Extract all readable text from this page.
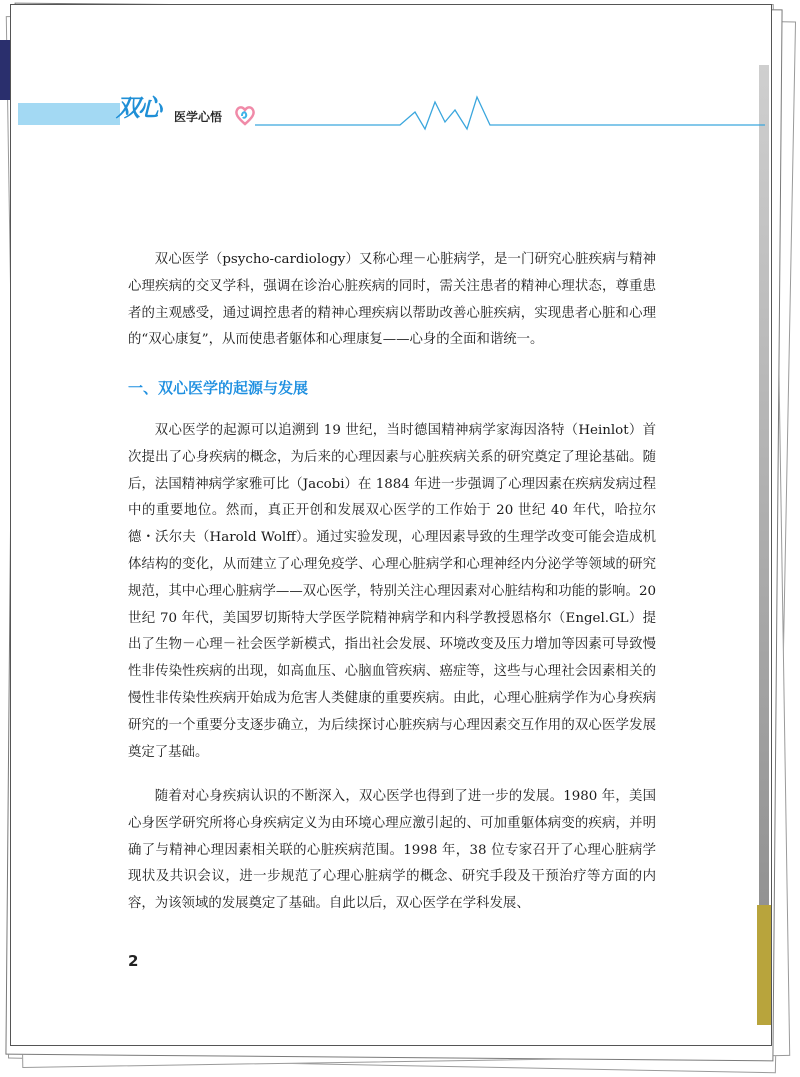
双心 医学心悟

双心医学（psycho-cardiology）又称心理－心脏病学，是一门研究心脏疾病与精神心理疾病的交叉学科，强调在诊治心脏疾病的同时，需关注患者的精神心理状态，尊重患者的主观感受，通过调控患者的精神心理疾病以帮助改善心脏疾病，实现患者心脏和心理的“双心康复”，从而使患者躯体和心理康复——心身的全面和谐统一。

一、双心医学的起源与发展

双心医学的起源可以追溯到 19 世纪，当时德国精神病学家海因洛特（Heinlot）首次提出了心身疾病的概念，为后来的心理因素与心脏疾病关系的研究奠定了理论基础。随后，法国精神病学家雅可比（Jacobi）在 1884 年进一步强调了心理因素在疾病发病过程中的重要地位。然而，真正开创和发展双心医学的工作始于 20 世纪 40 年代，哈拉尔德・沃尔夫（Harold Wolff）。通过实验发现，心理因素导致的生理学改变可能会造成机体结构的变化，从而建立了心理免疫学、心理心脏病学和心理神经内分泌学等领域的研究规范，其中心理心脏病学——双心医学，特别关注心理因素对心脏结构和功能的影响。20 世纪 70 年代，美国罗切斯特大学医学院精神病学和内科学教授恩格尔（Engel.GL）提出了生物－心理－社会医学新模式，指出社会发展、环境改变及压力增加等因素可导致慢性非传染性疾病的出现，如高血压、心脑血管疾病、癌症等，这些与心理社会因素相关的慢性非传染性疾病开始成为危害人类健康的重要疾病。由此，心理心脏病学作为心身疾病研究的一个重要分支逐步确立，为后续探讨心脏疾病与心理因素交互作用的双心医学发展奠定了基础。

随着对心身疾病认识的不断深入，双心医学也得到了进一步的发展。1980 年，美国心身医学研究所将心身疾病定义为由环境心理应激引起的、可加重躯体病变的疾病，并明确了与精神心理因素相关联的心脏疾病范围。1998 年，38 位专家召开了心理心脏病学现状及共识会议，进一步规范了心理心脏病学的概念、研究手段及干预治疗等方面的内容，为该领域的发展奠定了基础。自此以后，双心医学在学科发展、

2
